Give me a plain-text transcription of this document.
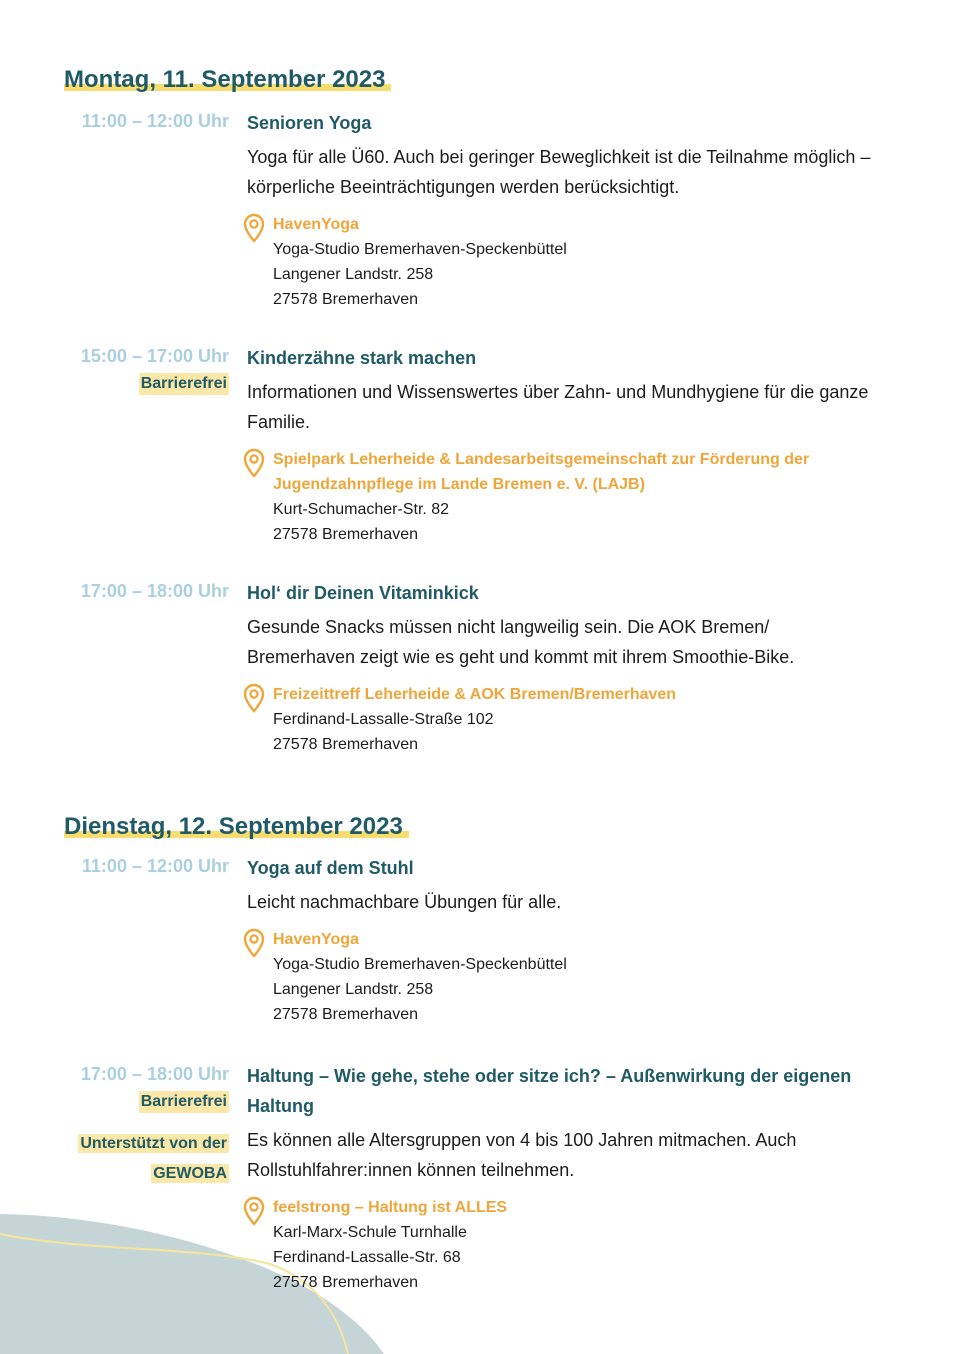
Montag, 11. September 2023
11:00 – 12:00 Uhr Senioren Yoga

Yoga für alle Ü60. Auch bei geringer Beweglichkeit ist die Teilnahme möglich – körperliche Beeinträchtigungen werden berücksichtigt.

HavenYoga
Yoga-Studio Bremerhaven-Speckenbüttel
Langener Landstr. 258
27578 Bremerhaven
15:00 – 17:00 Uhr
Barrierefrei
Kinderzähne stark machen

Informationen und Wissenswertes über Zahn- und Mundhygiene für die ganze Familie.

Spielpark Leherheide & Landesarbeitsgemeinschaft zur Förderung der Jugendzahnpflege im Lande Bremen e. V. (LAJB)
Kurt-Schumacher-Str. 82
27578 Bremerhaven
17:00 – 18:00 Uhr Hol‘ dir Deinen Vitaminkick

Gesunde Snacks müssen nicht langweilig sein. Die AOK Bremen/ Bremerhaven zeigt wie es geht und kommt mit ihrem Smoothie-Bike.

Freizeittreff Leherheide & AOK Bremen/Bremerhaven
Ferdinand-Lassalle-Straße 102
27578 Bremerhaven
Dienstag, 12. September 2023
11:00 – 12:00 Uhr Yoga auf dem Stuhl

Leicht nachmachbare Übungen für alle.

HavenYoga
Yoga-Studio Bremerhaven-Speckenbüttel
Langener Landstr. 258
27578 Bremerhaven
17:00 – 18:00 Uhr
Barrierefrei
Unterstützt von der
GEWOBA
Haltung – Wie gehe, stehe oder sitze ich? – Außenwirkung der eigenen Haltung

Es können alle Altersgruppen von 4 bis 100 Jahren mitmachen. Auch Rollstuhlfahrer:innen können teilnehmen.

feelstrong – Haltung ist ALLES
Karl-Marx-Schule Turnhalle
Ferdinand-Lassalle-Str. 68
27578 Bremerhaven
